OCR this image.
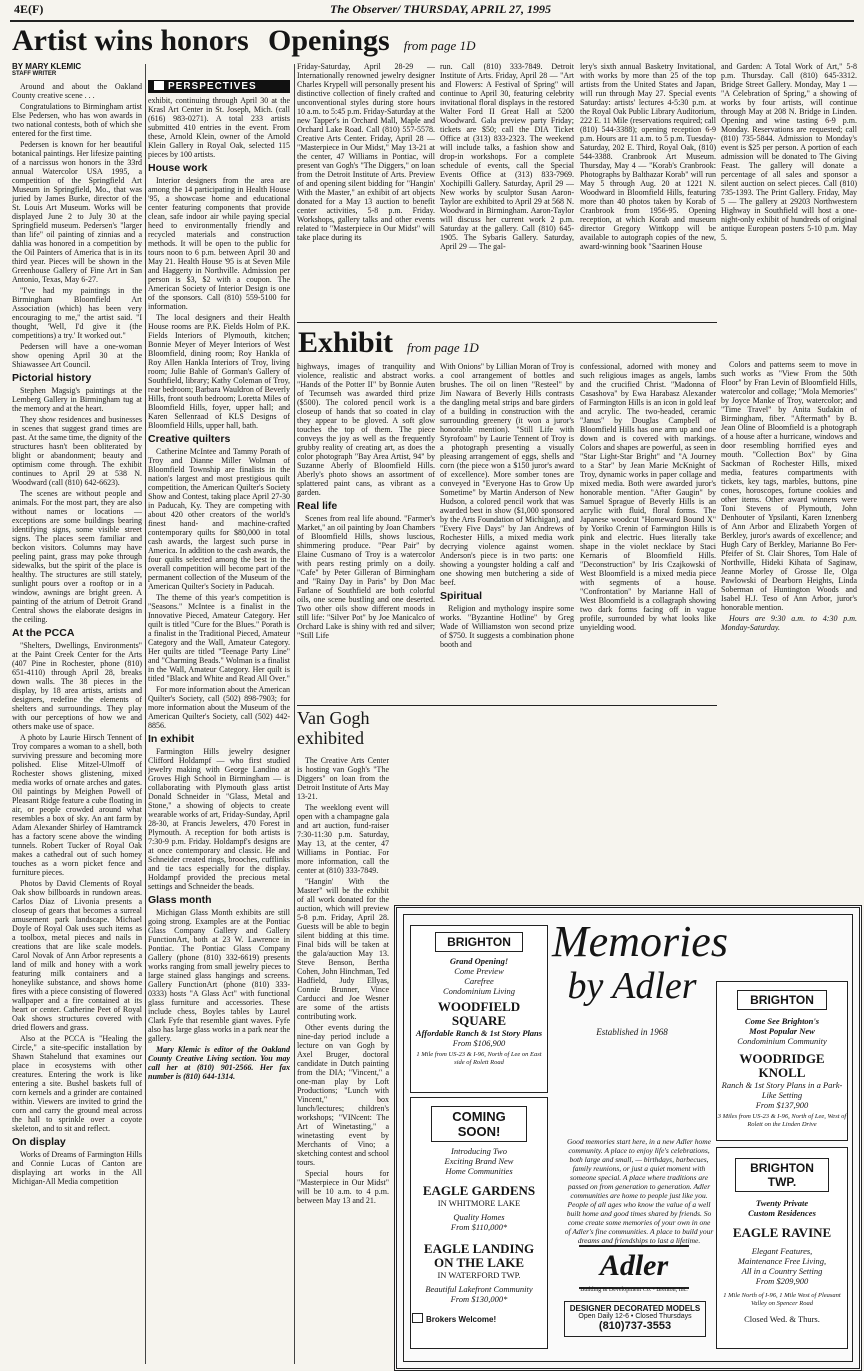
4E(F)	The Observer/ THURSDAY, APRIL 27, 1995
Artist wins honors Openings from page 1D
BY MARY KLEMIC
STAFF WRITER

Around and about the Oakland County creative scene . . .

Congratulations to Birmingham artist Else Pedersen, who has won awards in two national contests, both of which she entered for the first time.

Pedersen is known for her beautiful botanical paintings. Her lifesize painting of a narcissus won honors in the 33rd annual Watercolor USA 1995, a competition of the Springfield Art Museum in Springfield, Mo., that was juried by James Burke, director of the St. Louis Art Museum. Works will be displayed June 2 to July 30 at the Springfield museum. Pedersen's "larger than life" oil painting of zinnias and a dahlia was honored in a competition by the Oil Painters of America that is in its third year. Pieces will be shown in the Greenhouse Gallery of Fine Art in San Antonio, Texas, May 6-27.

"I've had my paintings in the Birmingham Bloomfield Art Association (which) has been very encouraging to me," the artist said. "I thought, 'Well, I'd give it (the competitions) a try.' It worked out."

Pedersen will have a one-woman show opening April 30 at the Shiawassee Art Council.

Pictorial history

Stephen Magsig's paintings at the Lemberg Gallery in Birmingham tug at the memory and at the heart.

They show residences and businesses in scenes that suggest grand times are past. At the same time, the dignity of the structures hasn't been obliterated by blight or abandonment; beauty and optimism come through. The exhibit continues to April 29 at 538 N. Woodward (call (810) 642-6623).

The scenes are without people and animals. For the most part, they are also without names or locations — exceptions are some buildings bearing identifying signs, some visible street signs. The places seem familiar and beckon visitors. Columns may have peeling paint, grass may poke through sidewalks, but the spirit of the place is healthy. The structures are still stately, sunlight pours over a rooftop or in a window, awnings are bright green. A painting of the atrium of Detroit Grand Central shows the elaborate designs in the ceiling.

At the PCCA

"Shelters, Dwellings, Environments" at the Paint Creek Center for the Arts (407 Pine in Rochester, phone (810) 651-4110) through April 28, breaks down walls. The 38 pieces in the display, by 18 area artists, artists and designers, redefine the elements of shelters and surroundings. They play with our perceptions of how we and others make use of space.

A photo by Laurie Hirsch Tennent of Troy compares a woman to a shell, both surviving pressure and becoming more polished. Elise Mitzel-Ulmoff of Rochester shows glistening, mixed media works of ornate arches and gates. Oil paintings by Meighen Powell of Pleasant Ridge feature a cube floating in air, or people crowded around what resembles a box of sky. An ant farm by Adam Alexander Shirley of Hamtramck has a factory scene above the winding tunnels. Robert Tucker of Royal Oak makes a cathedral out of such homey touches as a worn picket fence and furniture pieces.

Photos by David Clements of Royal Oak show billboards in rundown areas. Carlos Diaz of Livonia presents a closeup of gears that becomes a surreal amusement park landscape. Michael Doyle of Royal Oak uses such items as a toolbox, metal pieces and nails in creations that are like scale models. Carol Novak of Ann Arbor represents a land of milk and honey with a work featuring milk containers and a honeylike substance, and shows home fires with a piece consisting of flowered wallpaper and a fire contained at its heart or center. Catherine Peet of Royal Oak shows structures covered with dried flowers and grass.

Also at the PCCA is "Healing the Circle," a site-specific installation by Shawn Stahelund that examines our place in ecosystems with other creatures. Entering the work is like entering a site. Bushel baskets full of corn kernels and a grinder are contained within. Viewers are invited to grind the corn and carry the ground meal across the hall to sprinkle over a coyote skeleton, and to sit and reflect.

On display

Works of Dreams of Farmington Hills and Connie Lucas of Canton are displaying art works in the All Michigan-All Media competition

PERSPECTIVES

exhibit, continuing through April 30 at the Krasl Art Center in St. Joseph, Mich. (call (616) 983-0271). A total 233 artists submitted 410 entries in the event. From these, Arnold Klein, owner of the Arnold Klein Gallery in Royal Oak, selected 115 pieces by 100 artists.

House work

Interior designers from the area are among the 14 participating in Health House '95, a showcase home and educational center featuring components that provide clean, safe indoor air while paying special heed to environmentally friendly and recycled materials and construction methods. It will be open to the public for tours noon to 6 p.m. between April 30 and May 21. Health House '95 is at Seven Mile and Haggerty in Northville. Admission per person is $3, $2 with a coupon. The American Society of Interior Design is one of the sponsors. Call (810) 559-5100 for information.

The local designers and their Health House rooms are P.K. Fields Holm of P.K. Fields Interiors of Plymouth, kitchen; Bonnie Meyer of Meyer Interiors of West Bloomfield, dining room; Roy Hankla of Roy Allen Hankla Interiors of Troy, living room; Julie Bahle of Gorman's Gallery of Southfield, library; Kathy Coleman of Troy, rear bedroom; Barbara Wauldron of Beverly Hills, front south bedroom; Loretta Miles of Bloomfield Hills, foyer, upper hall; and Karen Sellenraad of KLS Designs of Bloomfield Hills, upper hall, bath.

Creative quilters

Catherine McIntee and Tammy Porath of Troy and Dianne Miller Wolman of Bloomfield Township are finalists in the nation's largest and most prestigious quilt competition, the American Quilter's Society Show and Contest, taking place April 27-30 in Paducah, Ky. They are competing with about 420 other creators of the world's finest hand- and machine-crafted contemporary quilts for $80,000 in total cash awards, the largest such purse in America. In addition to the cash awards, the four quilts selected among the best in the overall competition will become part of the permanent collection of the Museum of the American Quilter's Society in Paducah.

The theme of this year's competition is "Seasons." McIntee is a finalist in the Innovative Pieced, Amateur Category. Her quilt is titled "Cure for the Blues." Porath is a finalist in the Traditional Pieced, Amateur Category and the Wall, Amateur Category. Her quilts are titled "Teenage Party Line" and "Charming Beads." Wolman is a finalist in the Wall, Amateur Category. Her quilt is titled "Black and White and Read All Over."

For more information about the American Quilter's Society, call (502) 898-7903; for more information about the Museum of the American Quilter's Society, call (502) 442-8856.

In exhibit

Farmington Hills jewelry designer Clifford Holdampf — who first studied jewelry making with George Landino at Groves High School in Birmingham — is collaborating with Plymouth glass artist Donald Schneider in "Glass, Metal and Stone," a showing of objects to create wearable works of art, Friday-Sunday, April 28-30, at Francis Jewelers, 470 Forest in Plymouth. A reception for both artists is 7:30-9 p.m. Friday. Holdampf's designs are at once contemporary and classic. He and Schneider created rings, brooches, cufflinks and tie tacs especially for the display. Holdampf provided the precious metal settings and Schneider the beads.

Glass month

Michigan Glass Month exhibits are still going strong. Examples are at the Pontiac Glass Company Gallery and Gallery FunctionArt, both at 23 W. Lawrence in Pontiac. The Pontiac Glass Company Gallery (phone (810) 332-6619) presents works ranging from small jewelry pieces to large stained glass hangings and screens. Gallery FunctionArt (phone (810) 333-0333) hosts "A Glass Act" with functional glass furniture and accessories. These include chess, Boyles tables by Laurel Clark Fyfe that resemble giant waves. Fyfe also has large glass works in a park near the gallery.

Mary Klemic is editor of the Oakland County Creative Living section. You may call her at (810) 901-2566. Her fax number is (810) 644-1314.

Friday-Saturday, April 28-29 — Internationally renowned jewelry designer Charles Krypell will personally present his distinctive collection of finely crafted and unconventional styles during store hours 10 a.m. to 5:45 p.m. Friday-Saturday at the new Tapper's in Orchard Mall, Maple and Orchard Lake Road. Call (810) 557-5578. Creative Arts Center. Friday, April 28 — "Masterpiece in Our Midst," May 13-21 at the center, 47 Williams in Pontiac, will present van Gogh's "The Diggers," on loan from the Detroit Institute of Arts. Preview of and opening silent bidding for "Hangin' With the Master," an exhibit of art objects donated for a May 13 auction to benefit center activities, 5-8 p.m. Friday. Workshops, gallery talks and other events related to "Masterpiece in Our Midst" will take place during its

run. Call (810) 333-7849. Detroit Institute of Arts. Friday, April 28 — "Art and Flowers: A Festival of Spring" will continue to April 30, featuring celebrity invitational floral displays in the restored Walter Ford II Great Hall at 5200 Woodward. Gala preview party Friday; tickets are $50; call the DIA Ticket Office at (313) 833-2323. The weekend will include talks, a fashion show and drop-in workshops. For a complete schedule of events, call the Special Events Office at (313) 833-7969. Xochipilli Gallery. Saturday, April 29 — New works by sculptor Susan Aaron-Taylor are exhibited to April 29 at 568 N. Woodward in Birmingham. Aaron-Taylor will discuss her current work 2 p.m. Saturday at the gallery. Call (810) 645-1905. The Sybaris Gallery. Saturday, April 29 — The gal-

lery's sixth annual Basketry Invitational, with works by more than 25 of the top artists from the United States and Japan, will run through May 27. Special events Saturday: artists' lectures 4-5:30 p.m. at the Royal Oak Public Library Auditorium, 222 E. 11 Mile (reservations required; call (810) 544-3388); opening reception 6-9 p.m. Hours are 11 a.m. to 5 p.m. Tuesday-Saturday, 202 E. Third, Royal Oak, (810) 544-3388. Cranbrook Art Museum. Thursday, May 4 — "Korab's Cranbrook: Photographs by Balthazar Korab" will run May 5 through Aug. 20 at 1221 N. Woodward in Bloomfield Hills, featuring more than 40 photos taken by Korab of Cranbrook from 1956-95. Opening reception, at which Korab and museum director Gregory Wittkopp will be available to autograph copies of the new, award-winning book "Saarinen House

and Garden: A Total Work of Art," 5-8 p.m. Thursday. Call (810) 645-3312. Bridge Street Gallery. Monday, May 1 — "A Celebration of Spring," a showing of works by four artists, will continue through May at 208 N. Bridge in Linden. Opening and wine tasting 6-9 p.m. Monday. Reservations are requested; call (810) 735-5844. Admission to Monday's event is $25 per person. A portion of each admission will be donated to The Giving Feast. The gallery will donate a percentage of all sales and sponsor a silent auction on select pieces. Call (810) 735-1393. The Print Gallery. Friday, May 5 — The gallery at 29203 Northwestern Highway in Southfield will host a one-night-only exhibit of hundreds of original antique European posters 5-10 p.m. May 5.

Exhibit from page 1D

highways, images of tranquility and violence, realistic and abstract works. "Hands of the Potter II" by Bonnie Auten of Tecumseh was awarded third prize ($500). The colored pencil work is a closeup of hands that so coated in clay they appear to be gloved. A soft glow touches the top of them. The piece conveys the joy as well as the frequently grubby reality of creating art, as does the color photograph "Bay Area Artist, 94" by Suzanne Aberly of Bloomfield Hills. Aberly's photo shows an assortment of splattered paint cans, as vibrant as a garden.

Real life

Scenes from real life abound. "Farmer's Market," an oil painting by Joan Chambers of Bloomfield Hills, shows luscious, shimmering produce. "Pear Pair" by Elaine Cusmano of Troy is a watercolor with pears resting primly on a doily. "Cafe" by Peter Gilleran of Birmingham and "Rainy Day in Paris" by Don Mac Farlane of Southfield are both colorful oils, one scene bustling and one deserted. Two other oils show different moods in still life: "Silver Pot" by Joe Manicalco of Orchard Lake is shiny with red and silver; "Still Life

With Onions" by Lillian Moran of Troy is a cool arrangement of bottles and brushes. The oil on linen "Resteel" by Jim Nawara of Beverly Hills contrasts the dangling metal strips and bare girders of a building in construction with the surrounding greenery (it won a juror's honorable mention). "Still Life with Styrofoam" by Laurie Tennent of Troy is a photograph presenting a visually pleasing arrangement of eggs, shells and corn (the piece won a $150 juror's award of excellence). More somber tones are conveyed in "Everyone Has to Grow Up Sometime" by Martin Anderson of New Hudson, a colored pencil work that was awarded best in show ($1,000 sponsored by the Arts Foundation of Michigan), and "Every Five Days" by Jan Andrews of Rochester Hills, a mixed media work decrying violence against women. Anderson's piece is in two parts: one showing a youngster holding a calf and one showing men butchering a side of beef.

Spiritual

Religion and mythology inspire some works. "Byzantine Hotline" by Greg Wade of Williamston won second prize of $750. It suggests a combination phone booth and

confessional, adorned with money and such religious images as angels, lambs and the crucified Christ. "Madonna of Casashova" by Ewa Harabasz Alexander of Farmington Hills is an icon in gold leaf and acrylic. The two-headed, ceramic "Janus" by Douglas Campbell of Bloomfield Hills has one arm up and one down and is covered with markings. Colors and shapes are powerful, as seen in "Star Light-Star Bright" and "A Journey to a Star" by Jean Marie McKnight of Troy, dynamic works in paper collage and mixed media. Both were awarded juror's honorable mention. "After Gaugin" by Samuel Sprague of Beverly Hills is an acrylic with fluid, floral forms. The Japanese woodcut "Homeward Bound X" by Yoriko Crenin of Farmington Hills is pink and electric. Hues literally take shape in the violet necklace by Staci Kernaris of Bloomfield Hills. "Deconstruction" by Iris Czajkowski of West Bloomfield is a mixed media piece with segments of a house. "Confrontation" by Marianne Hall of West Bloomfield is a collagraph showing two dark forms facing off in vague profile, surrounded by what looks like unyielding wood.

Colors and patterns seem to move in such works as "View From the 50th Floor" by Fran Levin of Bloomfield Hills, watercolor and collage; "Mola Memories" by Joyce Manke of Troy, watercolor; and "Time Travel" by Anita Sudakin of Birmingham, fiber. "Aftermath" by B. Jean Oline of Bloomfield is a photograph of a house after a hurricane, windows and door resembling horrified eyes and mouth. "Collection Box" by Gina Sackman of Rochester Hills, mixed media, features compartments with tickets, key tags, marbles, buttons, pine cones, horoscopes, fortune cookies and other items. Other award winners were Toni Stevens of Plymouth, John Denhouter of Ypsilanti, Karen Iznenberg of Ann Arbor and Elizabeth Yorgen of Berkley, juror's awards of excellence; and Hugh Cary of Berkley, Marianne Bo Fer-Pfeifer of St. Clair Shores, Tom Hale of Northville, Hideki Kihata of Saginaw, Jeanne Morley of Grosse Ile, Olga Pawlowski of Dearborn Heights, Linda Soberman of Huntington Woods and Isabel H.J. Teso of Ann Arbor, juror's honorable mention.

Hours are 9:30 a.m. to 4:30 p.m. Monday-Saturday.

Van Gogh exhibited

The Creative Arts Center is hosting van Gogh's "The Diggers" on loan from the Detroit Institute of Arts May 13-21.

The weeklong event will open with a champagne gala and art auction, fund-raiser 7:30-11:30 p.m. Saturday, May 13, at the center, 47 Williams in Pontiac. For more information, call the center at (810) 333-7849.

"Hangin' With the Master" will be the exhibit of all work donated for the auction, which will preview 5-8 p.m. Friday, April 28. Guests will be able to begin silent bidding at this time. Final bids will be taken at the gala/auction May 13. Steve Benson, Bertha Cohen, John Hinchman, Ted Hadfield, Judy Ellyas, Connie Brunner, Vince Carducci and Joe Wesner are some of the artists contributing work.

Other events during the nine-day period include a lecture on van Gogh by Axel Bruger, doctoral candidate in Dutch painting from the DIA; "Vincent," a one-man play by Loft Productions; "Lunch with Vincent," box lunch/lectures; children's workshops; "VINcent: The Art of Winetasting," a winetasting event by Merchants of Vino; a sketching contest and school tours.

Special hours for "Masterpiece in Our Midst" will be 10 a.m. to 4 p.m. between May 13 and 21.

Memories
by Adler
Established in 1968
BRIGHTON
Grand Opening!
Come Preview
Carefree
Condominium Living
WOODFIELD
SQUARE
Affordable Ranch & 1st Story Plans
From $106,900
1 Mile from US-23 & I-96, North of Lee on East side of Rolett Road
COMING SOON!
Introducing Two
Exciting Brand New
Home Communities
EAGLE GARDENS
IN WHITMORE LAKE
Quality Homes
From $110,000*
EAGLE LANDING
ON THE LAKE
IN WATERFORD TWP.
Beautiful Lakefront Community
From $130,000*
Good memories start here, in a new Adler home community. A place to enjoy life's celebrations, both large and small, — birthdays, barbecues, family reunions, or just a quiet moment with someone special. A place where traditions are passed on from generation to generation. Adler communities are home to people just like you. People of all ages who know the value of a well built home and good times shared by friends. So come create some memories of your own in one of Adler's fine communities. A place to build your dreams and friendships to last a lifetime.
Adler
Building & Development Co. • Brenton, Inc.
DESIGNER DECORATED MODELS
Open Daily 12-6 • Closed Thursdays
(810)737-3553
Brokers Welcome!
BRIGHTON
Come See Brighton's
Most Popular New
Condominium Community
WOODRIDGE
KNOLL
Ranch & 1st Story Plans in a Park-Like Setting
From $137,900
3 Miles from US-23 & I-96, North of Lee, West of Rolett on the Linden Drive
BRIGHTON TWP.
Twenty Private
Custom Residences
EAGLE RAVINE
Elegant Features,
Maintenance Free Living,
All in a Country Setting
From $209,900
1 Mile North of I-96, 1 Mile West of Pleasant Valley on Spencer Road
Closed Wed. & Thurs.
